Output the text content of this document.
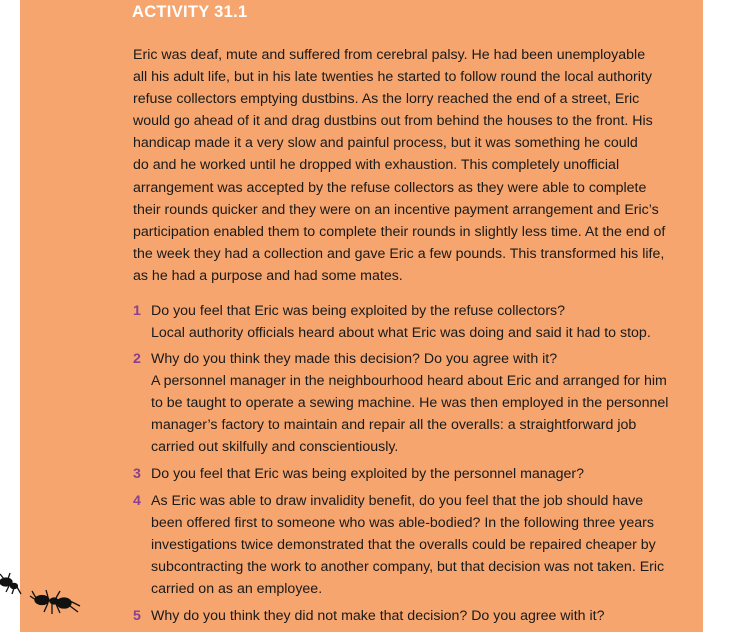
ACTIVITY 31.1
Eric was deaf, mute and suffered from cerebral palsy. He had been unemployable
all his adult life, but in his late twenties he started to follow round the local authority
refuse collectors emptying dustbins. As the lorry reached the end of a street, Eric
would go ahead of it and drag dustbins out from behind the houses to the front. His
handicap made it a very slow and painful process, but it was something he could
do and he worked until he dropped with exhaustion. This completely unofficial
arrangement was accepted by the refuse collectors as they were able to complete
their rounds quicker and they were on an incentive payment arrangement and Eric’s
participation enabled them to complete their rounds in slightly less time. At the end of
the week they had a collection and gave Eric a few pounds. This transformed his life,
as he had a purpose and had some mates.
1 Do you feel that Eric was being exploited by the refuse collectors?
Local authority officials heard about what Eric was doing and said it had to stop.
2 Why do you think they made this decision? Do you agree with it?
A personnel manager in the neighbourhood heard about Eric and arranged for him
to be taught to operate a sewing machine. He was then employed in the personnel
manager’s factory to maintain and repair all the overalls: a straightforward job
carried out skilfully and conscientiously.
3 Do you feel that Eric was being exploited by the personnel manager?
4 As Eric was able to draw invalidity benefit, do you feel that the job should have
been offered first to someone who was able-bodied? In the following three years
investigations twice demonstrated that the overalls could be repaired cheaper by
subcontracting the work to another company, but that decision was not taken. Eric
carried on as an employee.
5 Why do you think they did not make that decision? Do you agree with it?
